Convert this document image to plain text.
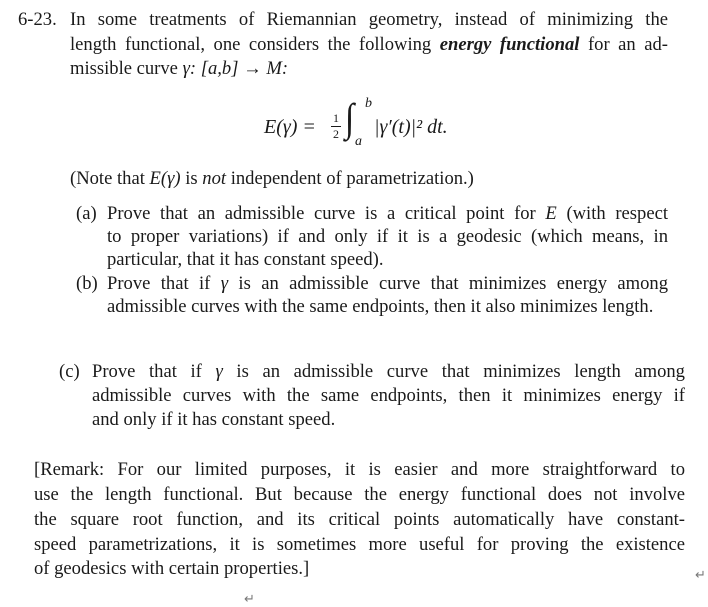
6-23. In some treatments of Riemannian geometry, instead of minimizing the
length functional, one considers the following energy functional for an ad-
missible curve γ: [a,b] → M:
E(γ) = 1
2 ∫ b
a
|γ′(t)|² dt.
(Note that E(γ) is not independent of parametrization.)
(a) Prove that an admissible curve is a critical point for E (with respect
to proper variations) if and only if it is a geodesic (which means, in
particular, that it has constant speed).
(b) Prove that if γ is an admissible curve that minimizes energy among
admissible curves with the same endpoints, then it also minimizes length.
(c) Prove that if γ is an admissible curve that minimizes length among
admissible curves with the same endpoints, then it minimizes energy if
and only if it has constant speed.
[Remark: For our limited purposes, it is easier and more straightforward to
use the length functional. But because the energy functional does not involve
the square root function, and its critical points automatically have constant-
speed parametrizations, it is sometimes more useful for proving the existence
of geodesics with certain properties.]	↵
↵
